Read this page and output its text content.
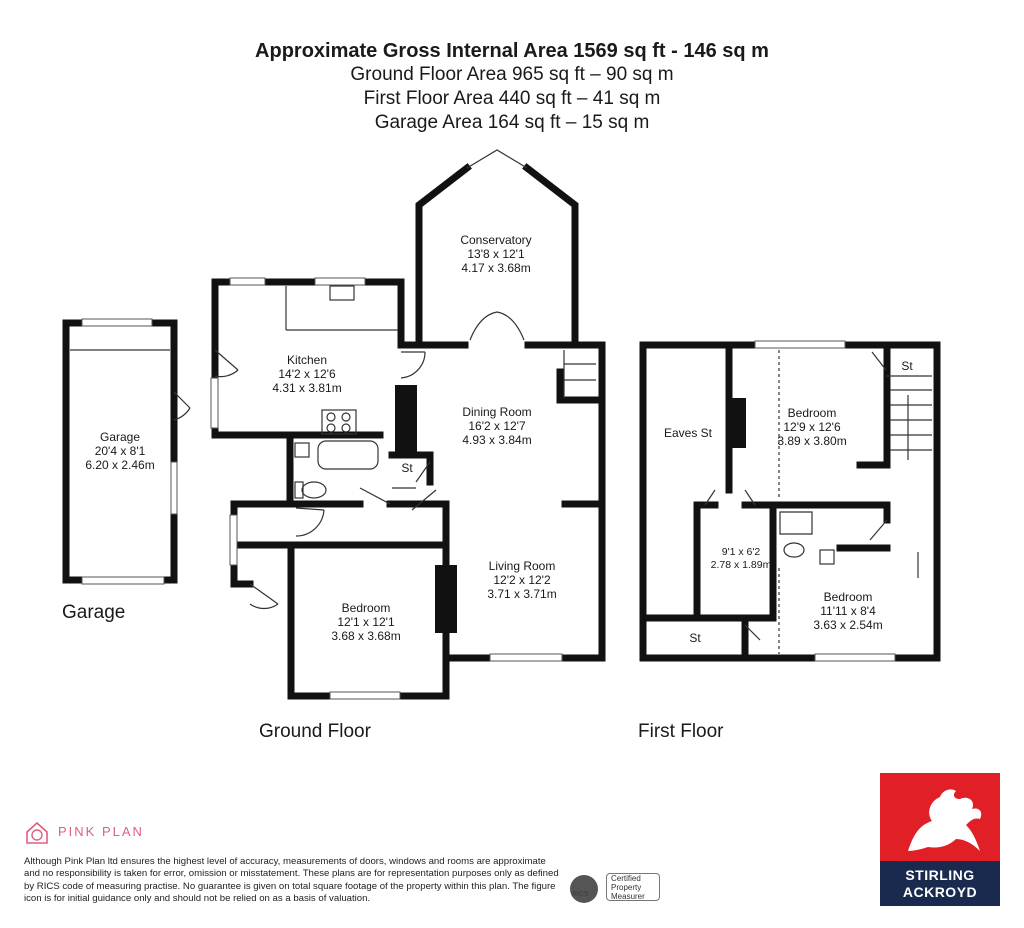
Approximate Gross Internal Area 1569 sq ft - 146 sq m
Ground Floor Area 965 sq ft – 90 sq m
First Floor Area 440 sq ft – 41 sq m
Garage Area 164 sq ft – 15 sq m
Garage
20'4 x 8'1
6.20 x 2.46m
Conservatory
13'8 x 12'1
4.17 x 3.68m
Kitchen
14'2 x 12'6
4.31 x 3.81m
St
Dining Room
16'2 x 12'7
4.93 x 3.84m
Living Room
12'2 x 12'2
3.71 x 3.71m
Bedroom
12'1 x 12'1
3.68 x 3.68m
Eaves St
Bedroom
12'9 x 12'6
3.89 x 3.80m
St
9'1 x 6'2
2.78 x 1.89m
Bedroom
11'11 x 8'4
3.63 x 2.54m
St
Garage
Ground Floor	First Floor
PINK PLAN
Although Pink Plan ltd ensures the highest level of accuracy, measurements of doors, windows and rooms are approximate and no responsibility is taken for error, omission or misstatement. These plans are for representation purposes only as defined by RICS code of measuring practise. No guarantee is given on total square footage of the property within this plan. The figure icon is for initial guidance only and should not be relied on as a basis of valuation.	RICS
Certified
Property
Measurer
STIRLING
ACKROYD
